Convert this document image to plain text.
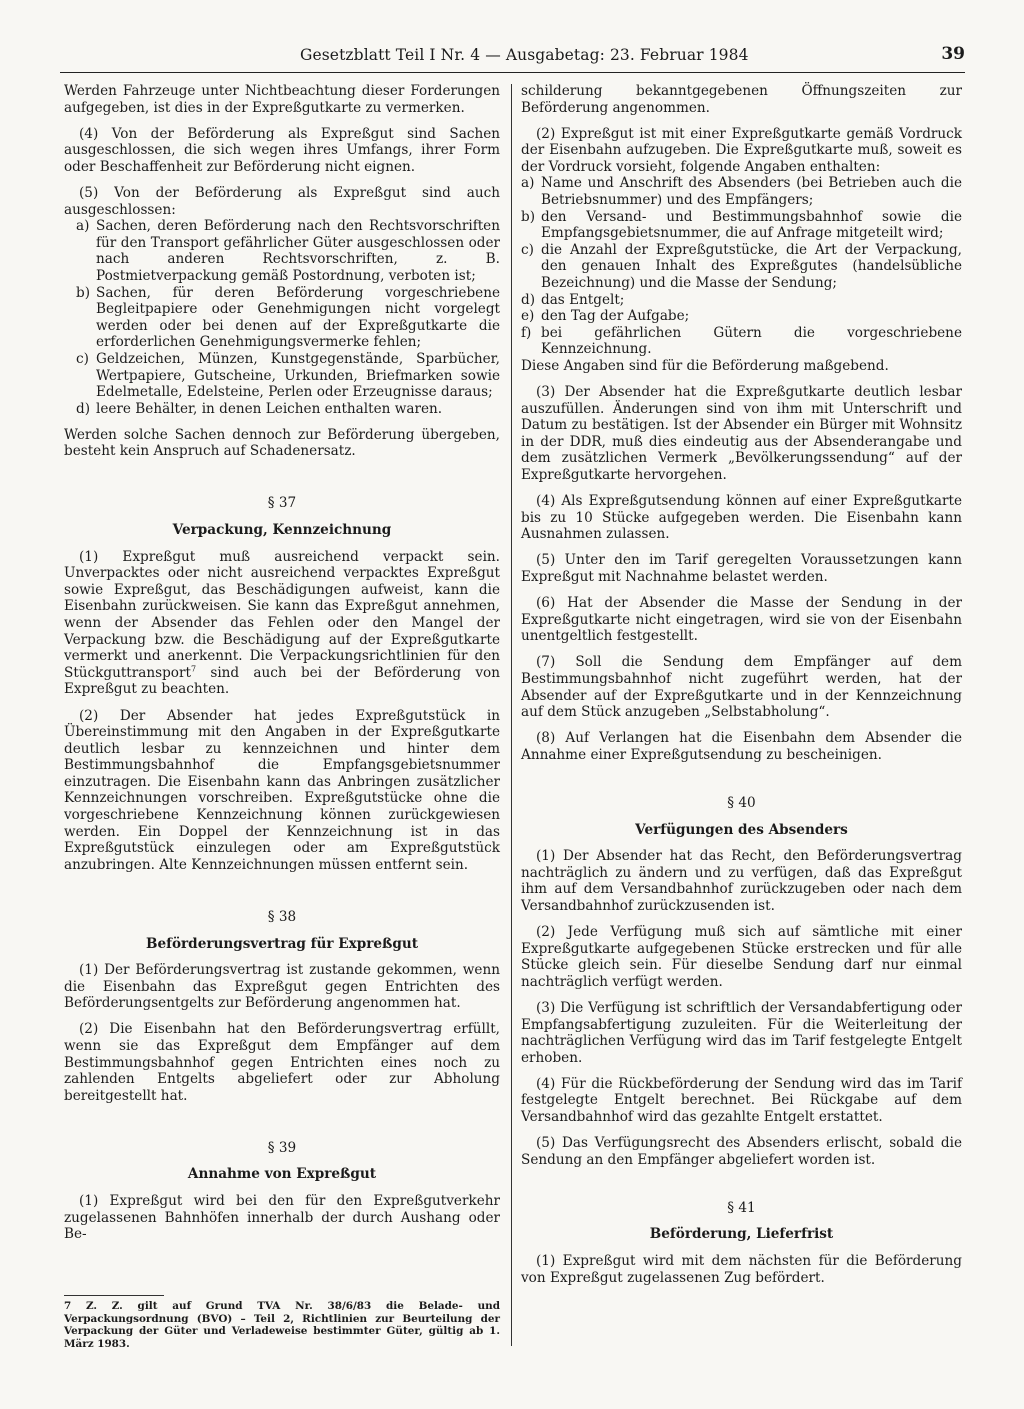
Gesetzblatt Teil I Nr. 4 — Ausgabetag: 23. Februar 1984	39

Werden Fahrzeuge unter Nichtbeachtung dieser Forderungen aufgegeben, ist dies in der Expreßgutkarte zu vermerken.

(4) Von der Beförderung als Expreßgut sind Sachen ausgeschlossen, die sich wegen ihres Umfangs, ihrer Form oder Beschaffenheit zur Beförderung nicht eignen.

(5) Von der Beförderung als Expreßgut sind auch ausgeschlossen:

a) Sachen, deren Beförderung nach den Rechtsvorschriften für den Transport gefährlicher Güter ausgeschlossen oder nach anderen Rechtsvorschriften, z. B. Postmietverpackung gemäß Postordnung, verboten ist;
b) Sachen, für deren Beförderung vorgeschriebene Begleitpapiere oder Genehmigungen nicht vorgelegt werden oder bei denen auf der Expreßgutkarte die erforderlichen Genehmigungsvermerke fehlen;
c) Geldzeichen, Münzen, Kunstgegenstände, Sparbücher, Wertpapiere, Gutscheine, Urkunden, Briefmarken sowie Edelmetalle, Edelsteine, Perlen oder Erzeugnisse daraus;
d) leere Behälter, in denen Leichen enthalten waren.

Werden solche Sachen dennoch zur Beförderung übergeben, besteht kein Anspruch auf Schadenersatz.

§ 37
Verpackung, Kennzeichnung

(1) Expreßgut muß ausreichend verpackt sein. Unverpacktes oder nicht ausreichend verpacktes Expreßgut sowie Expreßgut, das Beschädigungen aufweist, kann die Eisenbahn zurückweisen. Sie kann das Expreßgut annehmen, wenn der Absender das Fehlen oder den Mangel der Verpackung bzw. die Beschädigung auf der Expreßgutkarte vermerkt und anerkennt. Die Verpackungsrichtlinien für den Stückguttransport$^7$ sind auch bei der Beförderung von Expreßgut zu beachten.

(2) Der Absender hat jedes Expreßgutstück in Übereinstimmung mit den Angaben in der Expreßgutkarte deutlich lesbar zu kennzeichnen und hinter dem Bestimmungsbahnhof die Empfangsgebietsnummer einzutragen. Die Eisenbahn kann das Anbringen zusätzlicher Kennzeichnungen vorschreiben. Expreßgutstücke ohne die vorgeschriebene Kennzeichnung können zurückgewiesen werden. Ein Doppel der Kennzeichnung ist in das Expreßgutstück einzulegen oder am Expreßgutstück anzubringen. Alte Kennzeichnungen müssen entfernt sein.

§ 38
Beförderungsvertrag für Expreßgut

(1) Der Beförderungsvertrag ist zustande gekommen, wenn die Eisenbahn das Expreßgut gegen Entrichten des Beförderungsentgelts zur Beförderung angenommen hat.

(2) Die Eisenbahn hat den Beförderungsvertrag erfüllt, wenn sie das Expreßgut dem Empfänger auf dem Bestimmungsbahnhof gegen Entrichten eines noch zu zahlenden Entgelts abgeliefert oder zur Abholung bereitgestellt hat.

§ 39
Annahme von Expreßgut

(1) Expreßgut wird bei den für den Expreßgutverkehr zugelassenen Bahnhöfen innerhalb der durch Aushang oder Be-

7 Z. Z. gilt auf Grund TVA Nr. 38/6/83 die Belade- und Verpackungsordnung (BVO) – Teil 2, Richtlinien zur Beurteilung der Verpackung der Güter und Verladeweise bestimmter Güter, gültig ab 1. März 1983.

schilderung bekanntgegebenen Öffnungszeiten zur Beförderung angenommen.

(2) Expreßgut ist mit einer Expreßgutkarte gemäß Vordruck der Eisenbahn aufzugeben. Die Expreßgutkarte muß, soweit es der Vordruck vorsieht, folgende Angaben enthalten:

a) Name und Anschrift des Absenders (bei Betrieben auch die Betriebsnummer) und des Empfängers;
b) den Versand- und Bestimmungsbahnhof sowie die Empfangsgebietsnummer, die auf Anfrage mitgeteilt wird;
c) die Anzahl der Expreßgutstücke, die Art der Verpackung, den genauen Inhalt des Expreßgutes (handelsübliche Bezeichnung) und die Masse der Sendung;
d) das Entgelt;
e) den Tag der Aufgabe;
f) bei gefährlichen Gütern die vorgeschriebene Kennzeichnung.

Diese Angaben sind für die Beförderung maßgebend.

(3) Der Absender hat die Expreßgutkarte deutlich lesbar auszufüllen. Änderungen sind von ihm mit Unterschrift und Datum zu bestätigen. Ist der Absender ein Bürger mit Wohnsitz in der DDR, muß dies eindeutig aus der Absenderangabe und dem zusätzlichen Vermerk „Bevölkerungssendung“ auf der Expreßgutkarte hervorgehen.

(4) Als Expreßgutsendung können auf einer Expreßgutkarte bis zu 10 Stücke aufgegeben werden. Die Eisenbahn kann Ausnahmen zulassen.

(5) Unter den im Tarif geregelten Voraussetzungen kann Expreßgut mit Nachnahme belastet werden.

(6) Hat der Absender die Masse der Sendung in der Expreßgutkarte nicht eingetragen, wird sie von der Eisenbahn unentgeltlich festgestellt.

(7) Soll die Sendung dem Empfänger auf dem Bestimmungsbahnhof nicht zugeführt werden, hat der Absender auf der Expreßgutkarte und in der Kennzeichnung auf dem Stück anzugeben „Selbstabholung“.

(8) Auf Verlangen hat die Eisenbahn dem Absender die Annahme einer Expreßgutsendung zu bescheinigen.

§ 40
Verfügungen des Absenders

(1) Der Absender hat das Recht, den Beförderungsvertrag nachträglich zu ändern und zu verfügen, daß das Expreßgut ihm auf dem Versandbahnhof zurückzugeben oder nach dem Versandbahnhof zurückzusenden ist.

(2) Jede Verfügung muß sich auf sämtliche mit einer Expreßgutkarte aufgegebenen Stücke erstrecken und für alle Stücke gleich sein. Für dieselbe Sendung darf nur einmal nachträglich verfügt werden.

(3) Die Verfügung ist schriftlich der Versandabfertigung oder Empfangsabfertigung zuzuleiten. Für die Weiterleitung der nachträglichen Verfügung wird das im Tarif festgelegte Entgelt erhoben.

(4) Für die Rückbeförderung der Sendung wird das im Tarif festgelegte Entgelt berechnet. Bei Rückgabe auf dem Versandbahnhof wird das gezahlte Entgelt erstattet.

(5) Das Verfügungsrecht des Absenders erlischt, sobald die Sendung an den Empfänger abgeliefert worden ist.

§ 41
Beförderung, Lieferfrist

(1) Expreßgut wird mit dem nächsten für die Beförderung von Expreßgut zugelassenen Zug befördert.
